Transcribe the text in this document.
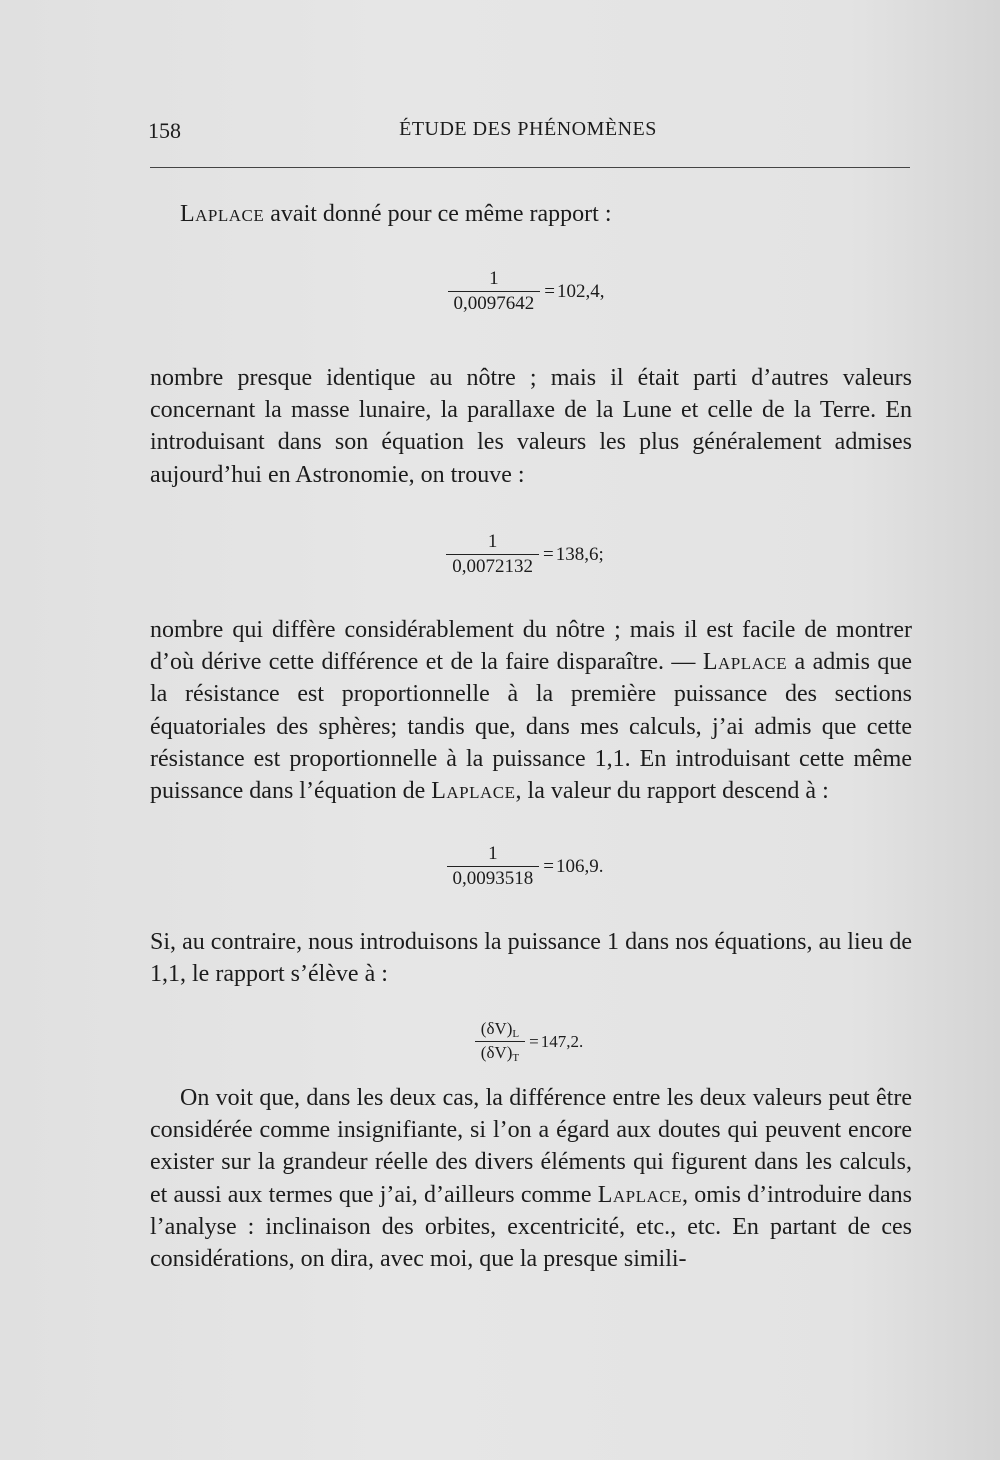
158	ÉTUDE DES PHÉNOMÈNES

Laplace avait donné pour ce même rapport :

$\frac{1}{0,0097642} = 102,4$,

nombre presque identique au nôtre ; mais il était parti d’autres valeurs concernant la masse lunaire, la parallaxe de la Lune et celle de la Terre. En introduisant dans son équation les valeurs les plus généralement admises aujourd’hui en Astronomie, on trouve :

$\frac{1}{0,0072132} = 138,6$;

nombre qui diffère considérablement du nôtre ; mais il est facile de montrer d’où dérive cette différence et de la faire disparaître. — Laplace a admis que la résistance est proportionnelle à la première puissance des sections équatoriales des sphères; tandis que, dans mes calculs, j’ai admis que cette résistance est proportionnelle à la puissance 1,1. En introduisant cette même puissance dans l’équation de Laplace, la valeur du rapport descend à :

$\frac{1}{0,0093518} = 106,9$.

Si, au contraire, nous introduisons la puissance 1 dans nos équations, au lieu de 1,1, le rapport s’élève à :

$\frac{(\delta V)_L}{(\delta V)_T} = 147,2$.

On voit que, dans les deux cas, la différence entre les deux valeurs peut être considérée comme insignifiante, si l’on a égard aux doutes qui peuvent encore exister sur la grandeur réelle des divers éléments qui figurent dans les calculs, et aussi aux termes que j’ai, d’ailleurs comme Laplace, omis d’introduire dans l’analyse : inclinaison des orbites, excentricité, etc., etc. En partant de ces considérations, on dira, avec moi, que la presque simili-
